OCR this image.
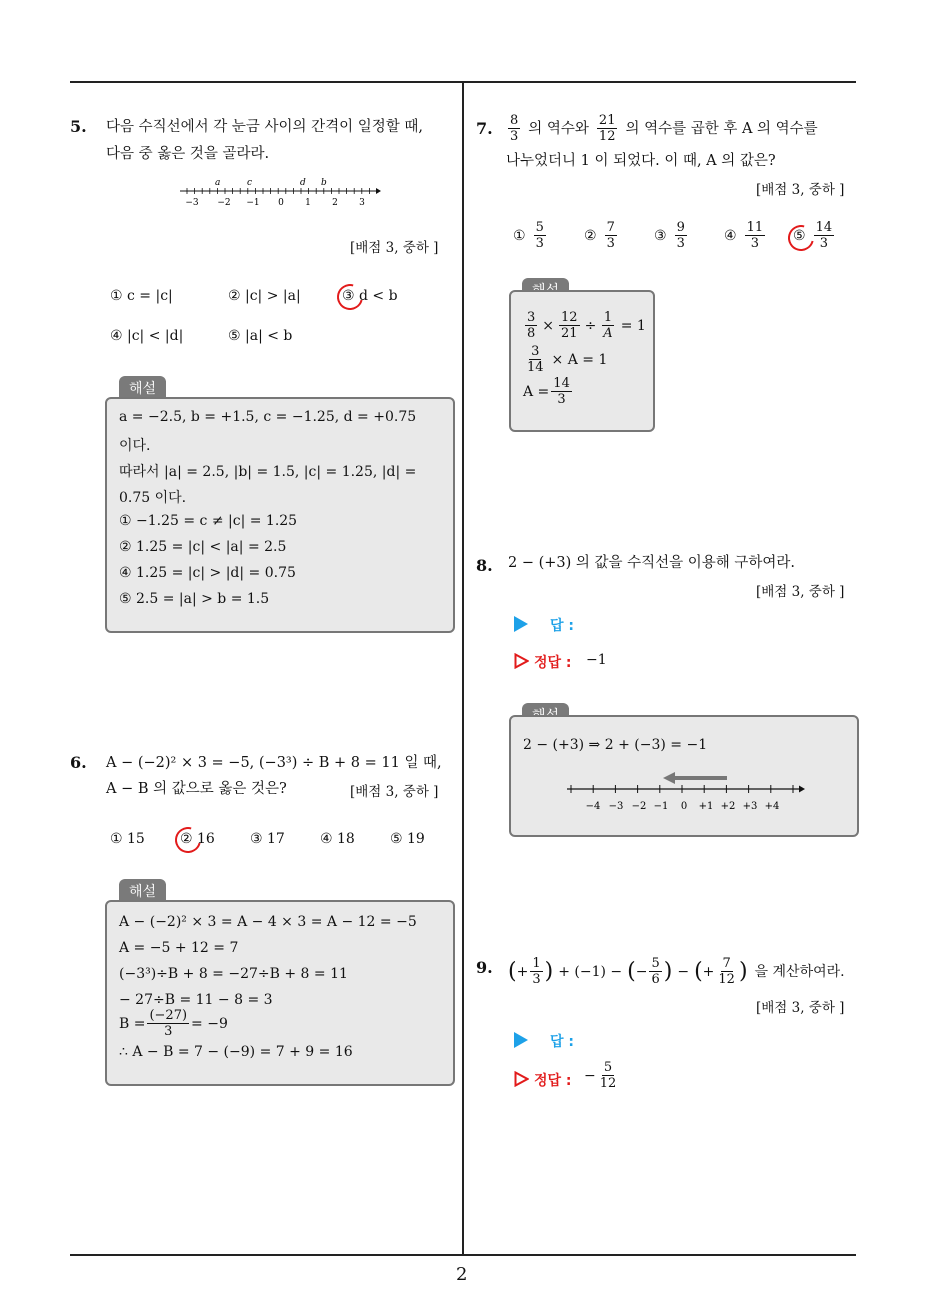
2
5. 다음 수직선에서 각 눈금 사이의 간격이 일정할 때,
다음 중 옳은 것을 골라라.
a	c	d b
−3 −2 −1 0 1 2 3
[배점 3, 중하 ]
① c = |c|	② |c| > |a|	③ d < b
④ |c| < |d|	⑤ |a| < b
해설
a = −2.5, b = +1.5, c = −1.25, d = +0.75
이다.
따라서 |a| = 2.5, |b| = 1.5, |c| = 1.25, |d| =
0.75 이다.
① −1.25 = c ≠ |c| = 1.25
② 1.25 = |c| < |a| = 2.5
④ 1.25 = |c| > |d| = 0.75
⑤ 2.5 = |a| > b = 1.5
6. A − (−2)² × 3 = −5, (−3³) ÷ B + 8 = 11 일 때,
A − B 의 값으로 옳은 것은?	[배점 3, 중하 ]
① 15	② 16	③ 17	④ 18	⑤ 19
해설
A − (−2)² × 3 = A − 4 × 3 = A − 12 = −5
A = −5 + 12 = 7
(−3³)÷B + 8 = −27÷B + 8 = 11
− 27÷B = 11 − 8 = 3
$B = \frac{(-27)}{3} = -9$
∴ A − B = 7 − (−9) = 7 + 9 = 16
7. $\frac{8}{3}$ 의 역수와 $\frac{21}{12}$ 의 역수를 곱한 후 A 의 역수를
나누었더니 1 이 되었다. 이 때, A 의 값은?
[배점 3, 중하 ]
① $\frac{5}{3}$	② $\frac{7}{3}$	③ $\frac{9}{3}$	④ $\frac{11}{3}$ ⑤ $\frac{14}{3}$
$\frac{3}{8} \times \frac{12}{21} \div \frac{1}{A} = 1$
$\frac{3}{14} \times A = 1$
$A = \frac{14}{3}$
8. 2 − (+3) 의 값을 수직선을 이용해 구하여라.
[배점 3, 중하 ]
답 :
정답 : −1
2 − (+3) ⇒ 2 + (−3) = −1
−4 −3 −2 −1 0 +1 +2 +3 +4
9. ( + $\frac{1}{3}$ ) + (−1) − ( − $\frac{5}{6}$ ) − ( + $\frac{7}{12}$ ) 을 계산하여라.
[배점 3, 중하 ]
답 :
정답 : − $\frac{5}{12}$
